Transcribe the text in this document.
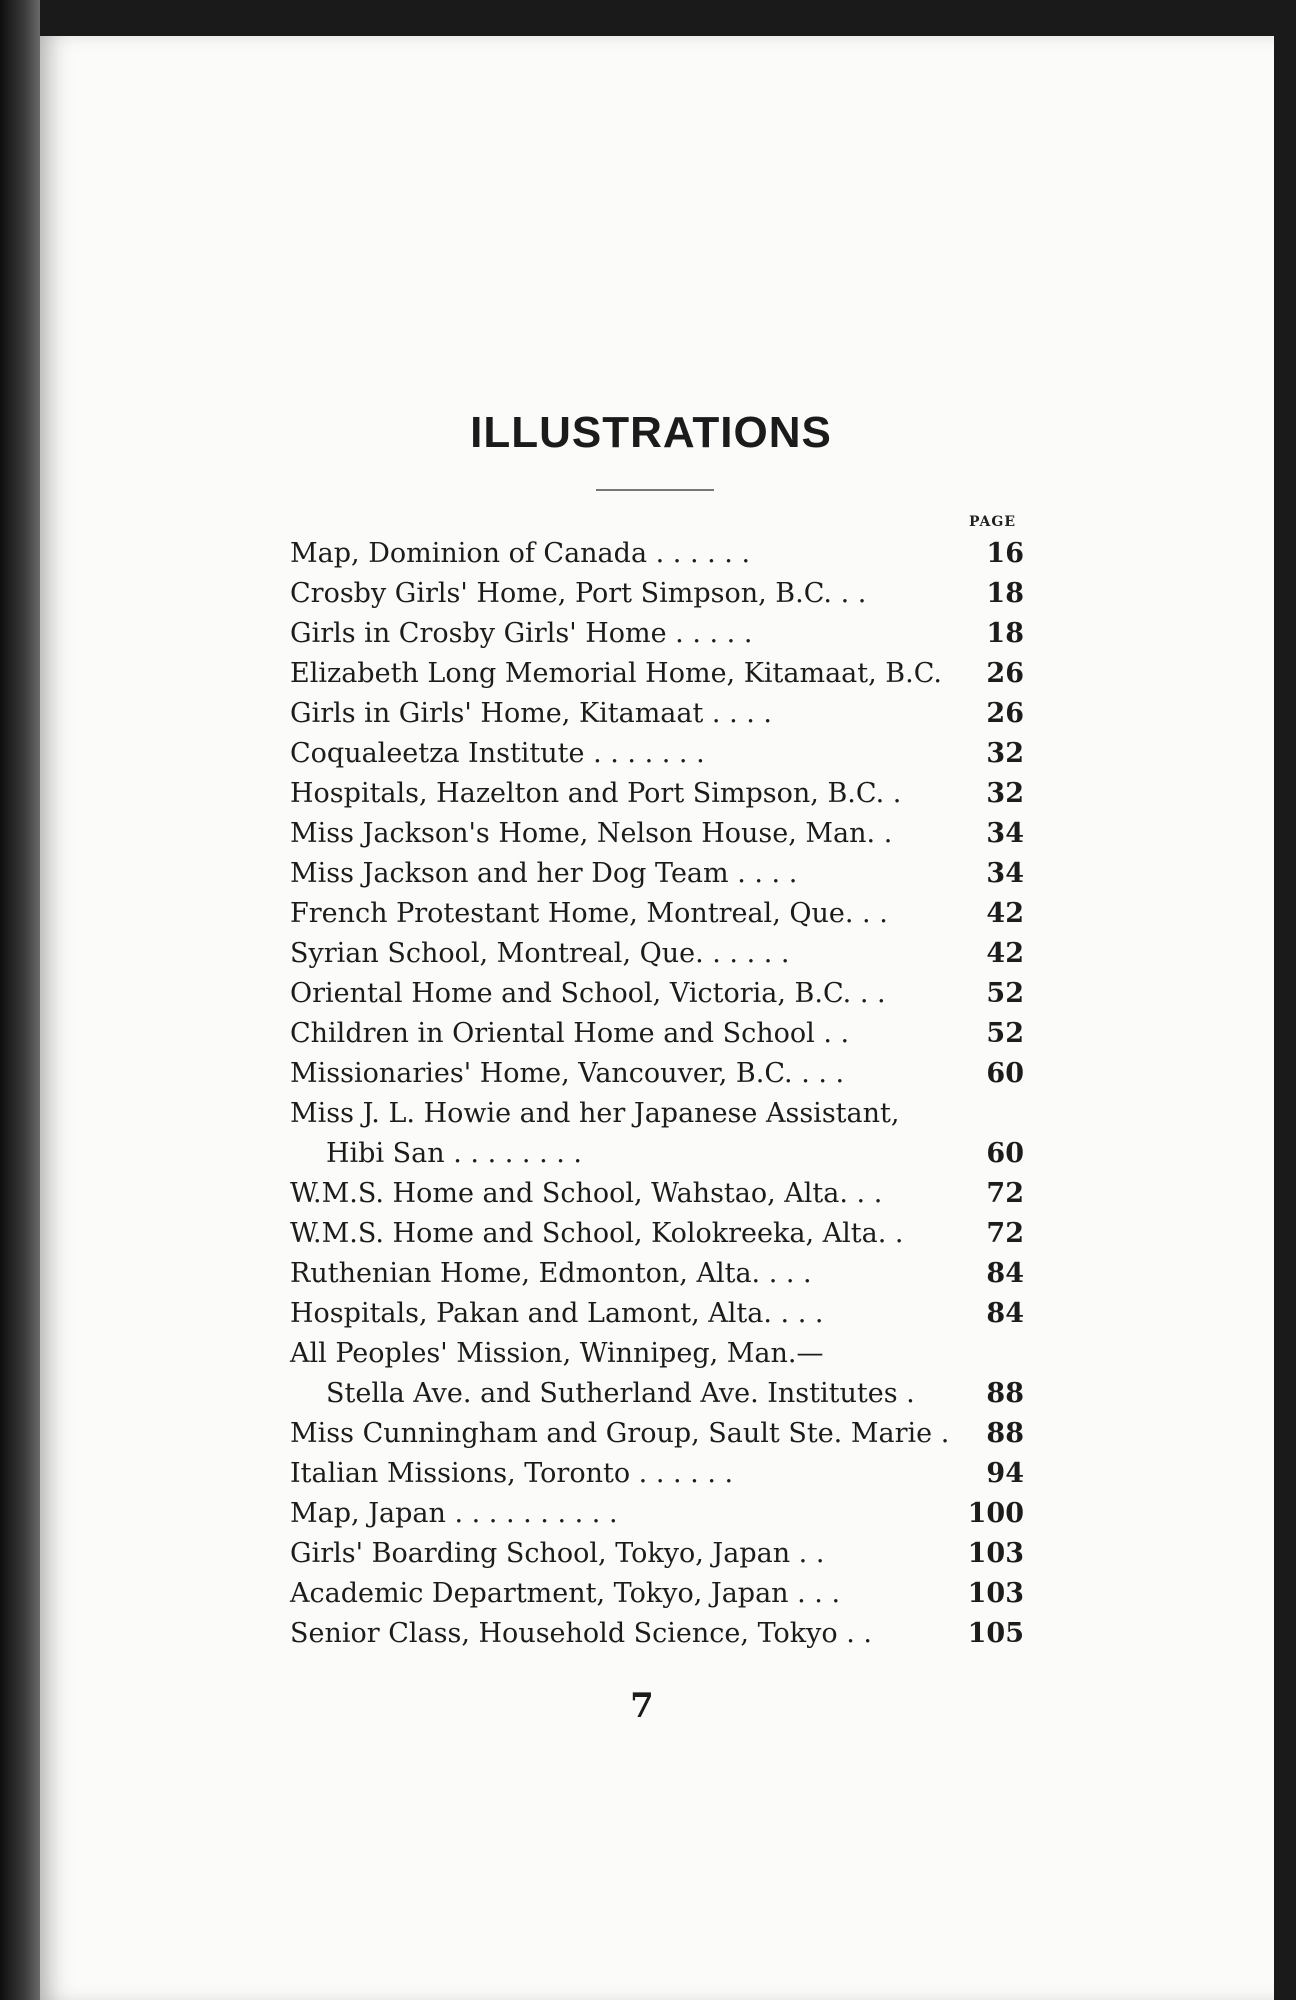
ILLUSTRATIONS
PAGE
Map, Dominion of Canada . . . . . .	16
Crosby Girls' Home, Port Simpson, B.C. . .	18
Girls in Crosby Girls' Home . . . . .	18
Elizabeth Long Memorial Home, Kitamaat, B.C.	26
Girls in Girls' Home, Kitamaat . . . .	26
Coqualeetza Institute . . . . . . .	32
Hospitals, Hazelton and Port Simpson, B.C. .	32
Miss Jackson's Home, Nelson House, Man. .	34
Miss Jackson and her Dog Team . . . .	34
French Protestant Home, Montreal, Que. . .	42
Syrian School, Montreal, Que. . . . . .	42
Oriental Home and School, Victoria, B.C. . .	52
Children in Oriental Home and School . .	52
Missionaries' Home, Vancouver, B.C. . . .	60
Miss J. L. Howie and her Japanese Assistant,
Hibi San . . . . . . . .	60
W.M.S. Home and School, Wahstao, Alta. . .	72
W.M.S. Home and School, Kolokreeka, Alta. .	72
Ruthenian Home, Edmonton, Alta. . . .	84
Hospitals, Pakan and Lamont, Alta. . . .	84
All Peoples' Mission, Winnipeg, Man.—
Stella Ave. and Sutherland Ave. Institutes .	88
Miss Cunningham and Group, Sault Ste. Marie .	88
Italian Missions, Toronto . . . . . .	94
Map, Japan . . . . . . . . . .	100
Girls' Boarding School, Tokyo, Japan . .	103
Academic Department, Tokyo, Japan . . .	103
Senior Class, Household Science, Tokyo . .	105
7
